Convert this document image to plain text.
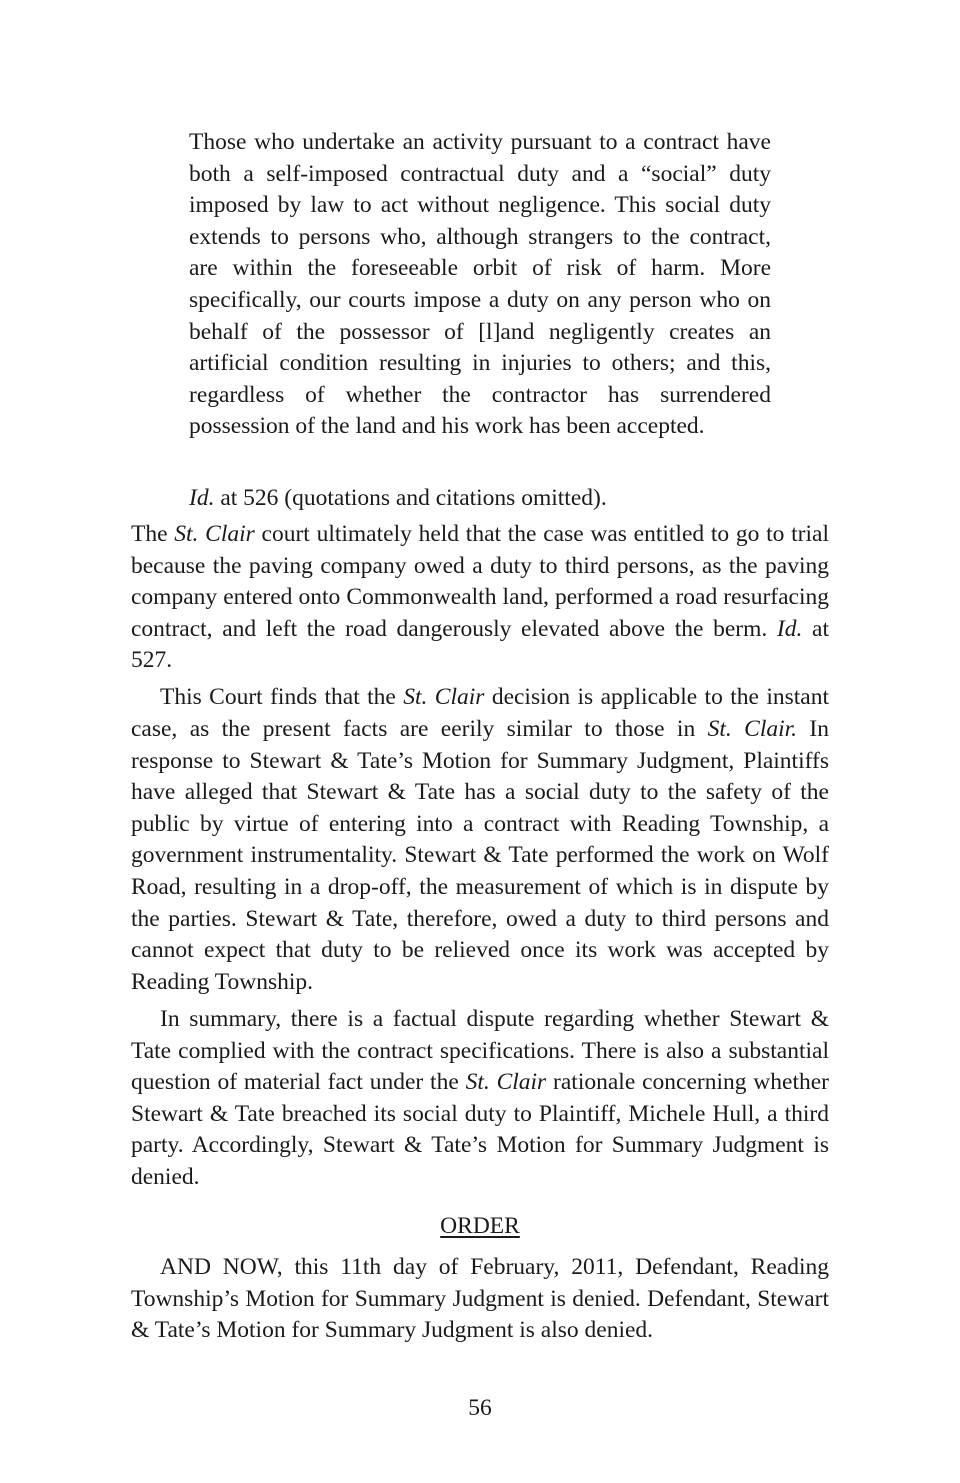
Those who undertake an activity pursuant to a contract have both a self-imposed contractual duty and a “social” duty imposed by law to act without negligence. This social duty extends to persons who, although strangers to the contract, are within the foreseeable orbit of risk of harm. More specifically, our courts impose a duty on any person who on behalf of the possessor of [l]and negligently creates an artificial condition resulting in injuries to others; and this, regardless of whether the contractor has surrendered possession of the land and his work has been accepted.

Id. at 526 (quotations and citations omitted).

The St. Clair court ultimately held that the case was entitled to go to trial because the paving company owed a duty to third persons, as the paving company entered onto Commonwealth land, performed a road resurfacing contract, and left the road dangerously elevated above the berm. Id. at 527.

This Court finds that the St. Clair decision is applicable to the instant case, as the present facts are eerily similar to those in St. Clair. In response to Stewart & Tate’s Motion for Summary Judgment, Plaintiffs have alleged that Stewart & Tate has a social duty to the safety of the public by virtue of entering into a contract with Reading Township, a government instrumentality. Stewart & Tate performed the work on Wolf Road, resulting in a drop-off, the measurement of which is in dispute by the parties. Stewart & Tate, therefore, owed a duty to third persons and cannot expect that duty to be relieved once its work was accepted by Reading Township.

In summary, there is a factual dispute regarding whether Stewart & Tate complied with the contract specifications. There is also a substantial question of material fact under the St. Clair rationale concerning whether Stewart & Tate breached its social duty to Plaintiff, Michele Hull, a third party. Accordingly, Stewart & Tate’s Motion for Summary Judgment is denied.

ORDER
AND NOW, this 11th day of February, 2011, Defendant, Reading Township’s Motion for Summary Judgment is denied. Defendant, Stewart & Tate’s Motion for Summary Judgment is also denied.
56
